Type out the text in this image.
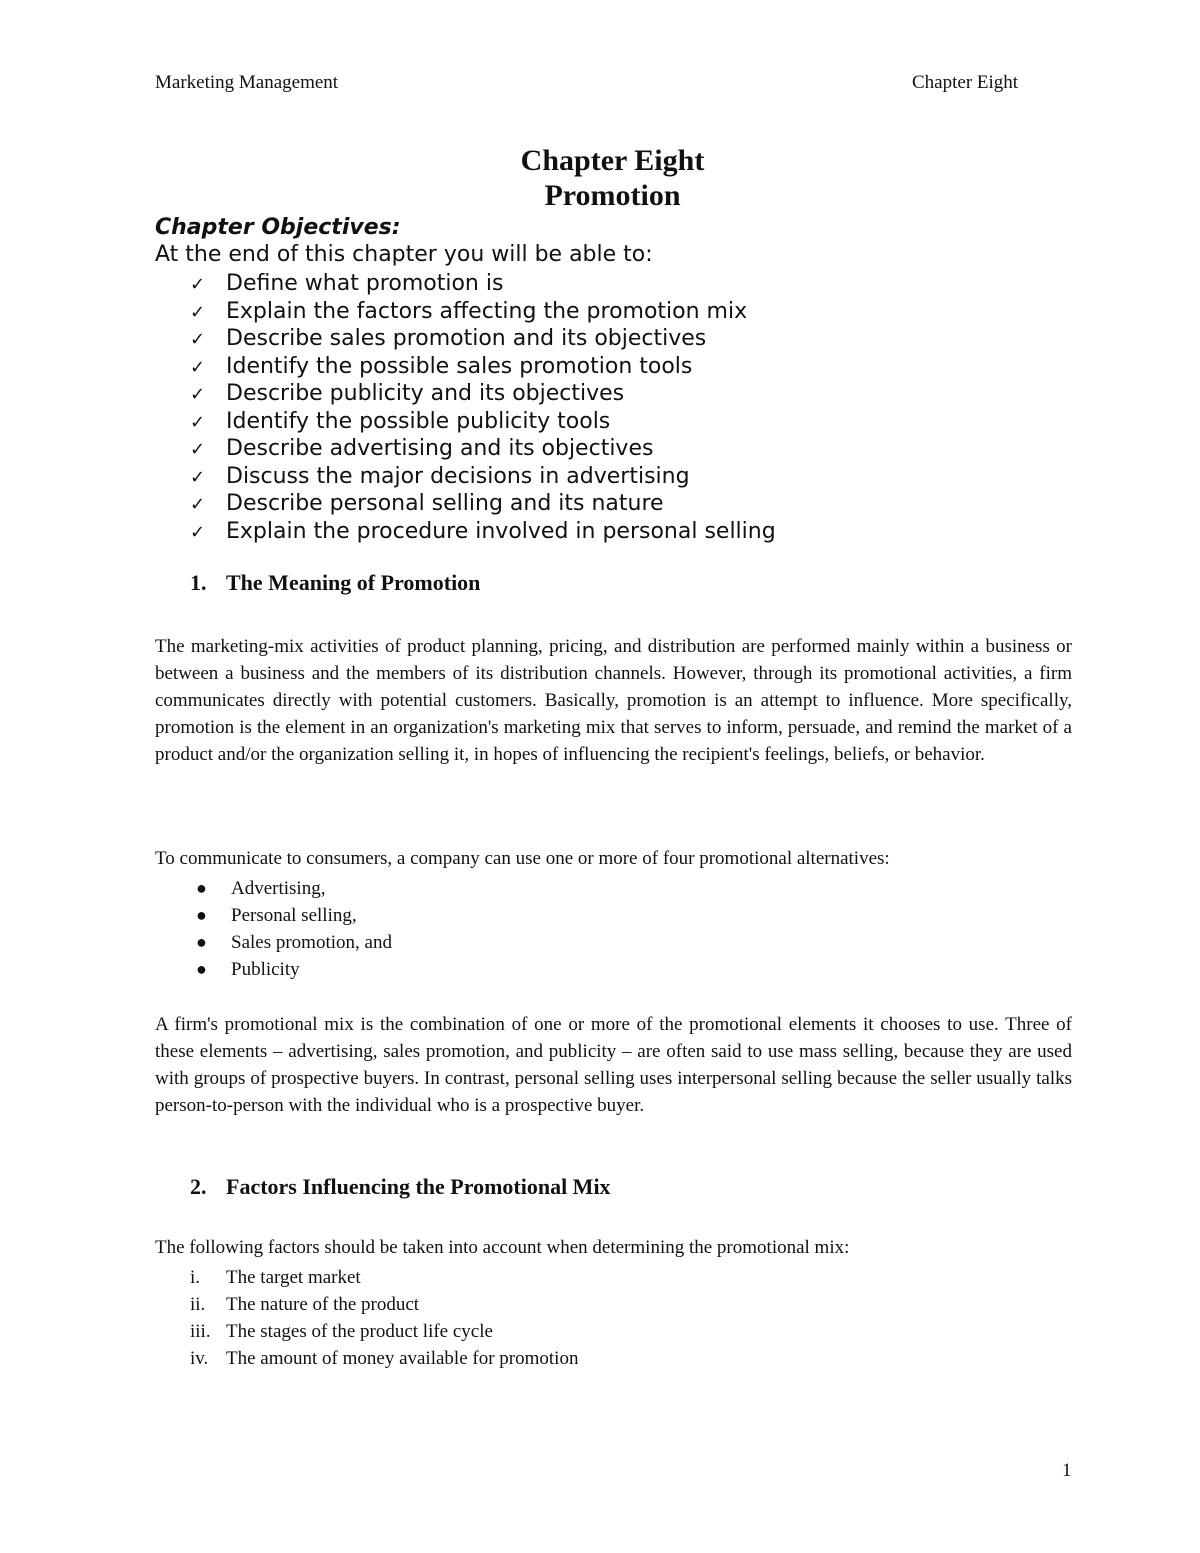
Marketing Management	Chapter Eight
Chapter Eight
Promotion
Chapter Objectives:
At the end of this chapter you will be able to:
✓ Define what promotion is
✓ Explain the factors affecting the promotion mix
✓ Describe sales promotion and its objectives
✓ Identify the possible sales promotion tools
✓ Describe publicity and its objectives
✓ Identify the possible publicity tools
✓ Describe advertising and its objectives
✓ Discuss the major decisions in advertising
✓ Describe personal selling and its nature
✓ Explain the procedure involved in personal selling
1. The Meaning of Promotion

The marketing-mix activities of product planning, pricing, and distribution are performed mainly within a business or between a business and the members of its distribution channels. However, through its promotional activities, a firm communicates directly with potential customers. Basically, promotion is an attempt to influence. More specifically, promotion is the element in an organization's marketing mix that serves to inform, persuade, and remind the market of a product and/or the organization selling it, in hopes of influencing the recipient's feelings, beliefs, or behavior.

To communicate to consumers, a company can use one or more of four promotional alternatives:
● Advertising,
● Personal selling,
● Sales promotion, and
● Publicity

A firm's promotional mix is the combination of one or more of the promotional elements it chooses to use. Three of these elements – advertising, sales promotion, and publicity – are often said to use mass selling, because they are used with groups of prospective buyers. In contrast, personal selling uses interpersonal selling because the seller usually talks person-to-person with the individual who is a prospective buyer.

2. Factors Influencing the Promotional Mix
The following factors should be taken into account when determining the promotional mix:
i. The target market
ii. The nature of the product
iii. The stages of the product life cycle
iv. The amount of money available for promotion
1
